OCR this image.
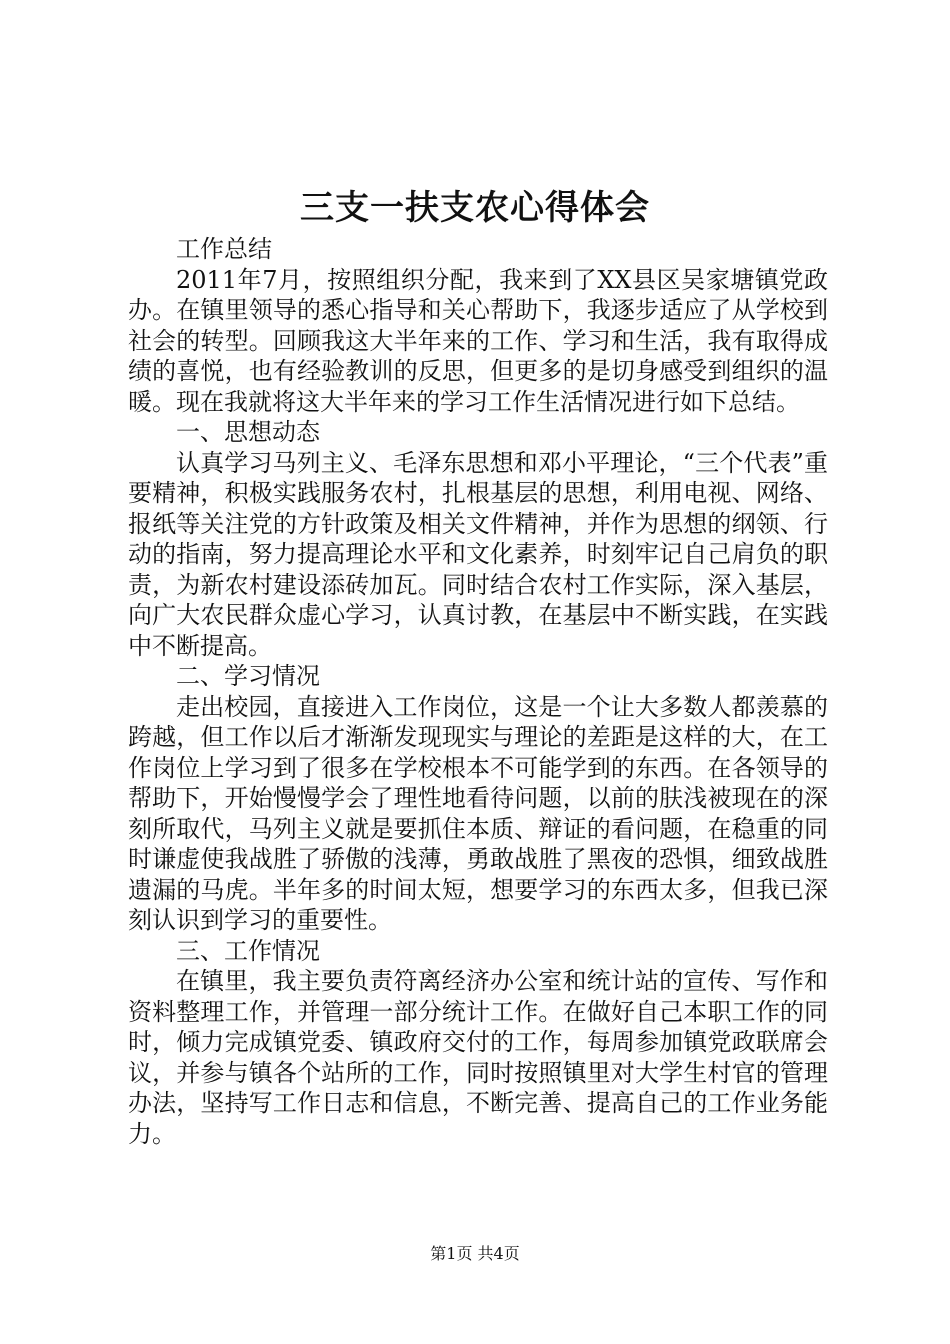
三支一扶支农心得体会

工作总结

2011年7月，按照组织分配，我来到了XX县区吴家塘镇党政办。在镇里领导的悉心指导和关心帮助下，我逐步适应了从学校到社会的转型。回顾我这大半年来的工作、学习和生活，我有取得成绩的喜悦，也有经验教训的反思，但更多的是切身感受到组织的温暖。现在我就将这大半年来的学习工作生活情况进行如下总结。

一、思想动态

认真学习马列主义、毛泽东思想和邓小平理论，“三个代表”重要精神，积极实践服务农村，扎根基层的思想，利用电视、网络、报纸等关注党的方针政策及相关文件精神，并作为思想的纲领、行动的指南，努力提高理论水平和文化素养，时刻牢记自己肩负的职责，为新农村建设添砖加瓦。同时结合农村工作实际，深入基层，向广大农民群众虚心学习，认真讨教，在基层中不断实践，在实践中不断提高。

二、学习情况

走出校园，直接进入工作岗位，这是一个让大多数人都羡慕的跨越，但工作以后才渐渐发现现实与理论的差距是这样的大，在工作岗位上学习到了很多在学校根本不可能学到的东西。在各领导的帮助下，开始慢慢学会了理性地看待问题，以前的肤浅被现在的深刻所取代，马列主义就是要抓住本质、辩证的看问题，在稳重的同时谦虚使我战胜了骄傲的浅薄，勇敢战胜了黑夜的恐惧，细致战胜遗漏的马虎。半年多的时间太短，想要学习的东西太多，但我已深刻认识到学习的重要性。

三、工作情况

在镇里，我主要负责符离经济办公室和统计站的宣传、写作和资料整理工作，并管理一部分统计工作。在做好自己本职工作的同时，倾力完成镇党委、镇政府交付的工作，每周参加镇党政联席会议，并参与镇各个站所的工作，同时按照镇里对大学生村官的管理办法，坚持写工作日志和信息，不断完善、提高自己的工作业务能力。

第1页 共4页
